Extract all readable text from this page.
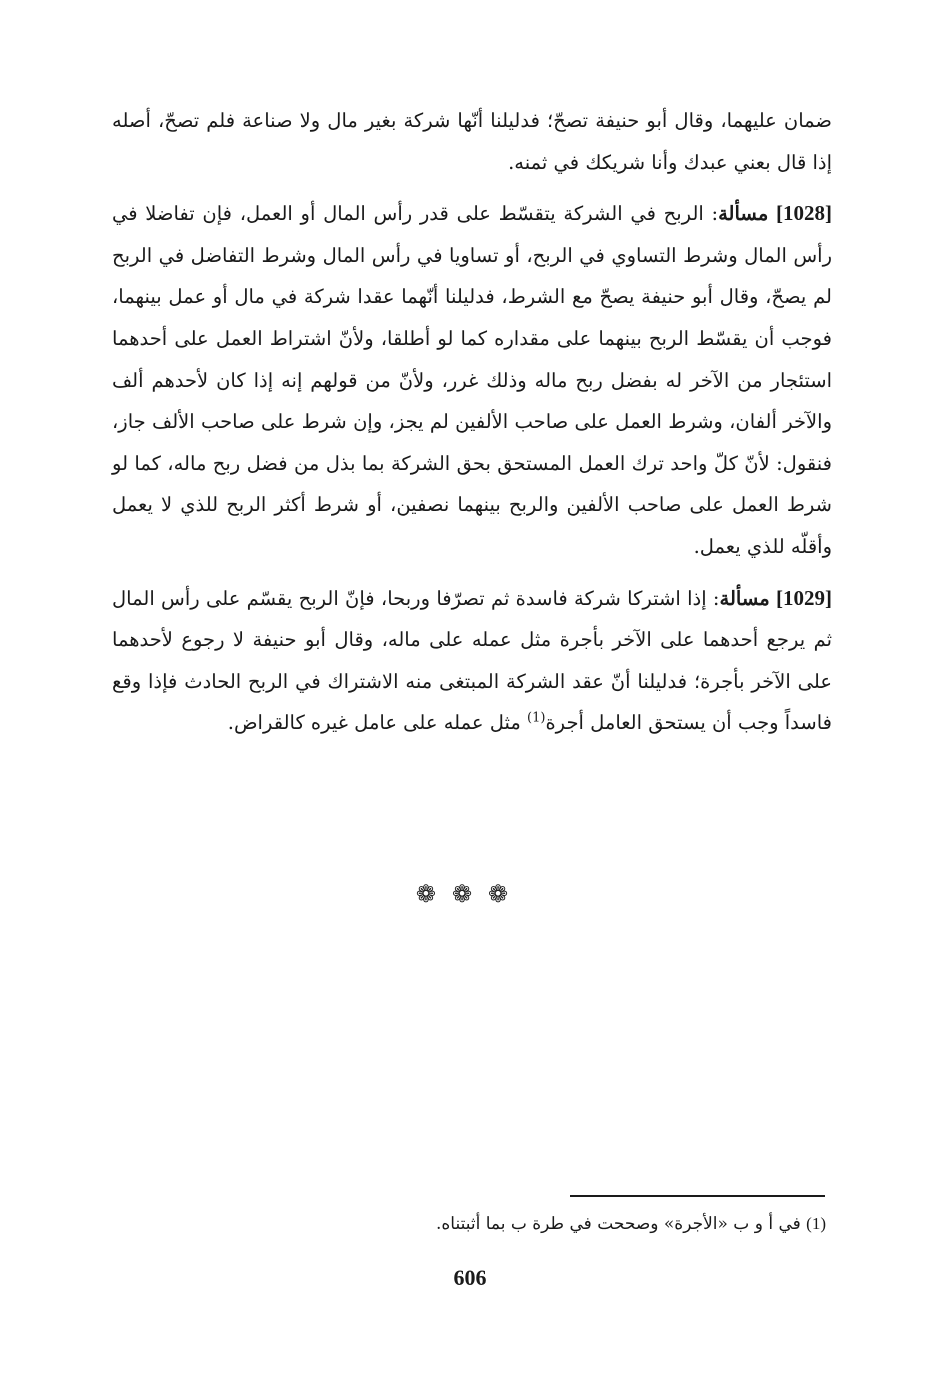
ضمان عليهما، وقال أبو حنيفة تصحّ؛ فدليلنا أنّها شركة بغير مال ولا صناعة فلم تصحّ، أصله إذا قال بعني عبدك وأنا شريكك في ثمنه.

[1028] مسألة: الربح في الشركة يتقسّط على قدر رأس المال أو العمل، فإن تفاضلا في رأس المال وشرط التساوي في الربح، أو تساويا في رأس المال وشرط التفاضل في الربح لم يصحّ، وقال أبو حنيفة يصحّ مع الشرط، فدليلنا أنّهما عقدا شركة في مال أو عمل بينهما، فوجب أن يقسّط الربح بينهما على مقداره كما لو أطلقا، ولأنّ اشتراط العمل على أحدهما استئجار من الآخر له بفضل ربح ماله وذلك غرر، ولأنّ من قولهم إنه إذا كان لأحدهم ألف والآخر ألفان، وشرط العمل على صاحب الألفين لم يجز، وإن شرط على صاحب الألف جاز، فنقول: لأنّ كلّ واحد ترك العمل المستحق بحق الشركة بما بذل من فضل ربح ماله، كما لو شرط العمل على صاحب الألفين والربح بينهما نصفين، أو شرط أكثر الربح للذي لا يعمل وأقلّه للذي يعمل.

[1029] مسألة: إذا اشتركا شركة فاسدة ثم تصرّفا وربحا، فإنّ الربح يقسّم على رأس المال ثم يرجع أحدهما على الآخر بأجرة مثل عمله على ماله، وقال أبو حنيفة لا رجوع لأحدهما على الآخر بأجرة؛ فدليلنا أنّ عقد الشركة المبتغى منه الاشتراك في الربح الحادث فإذا وقع فاسداً وجب أن يستحق العامل أجرة$^{(1)}$ مثل عمله على عامل غيره كالقراض.

❁❁❁
(1) في أ و ب «الأجرة» وصححت في طرة ب بما أثبتناه.
606
